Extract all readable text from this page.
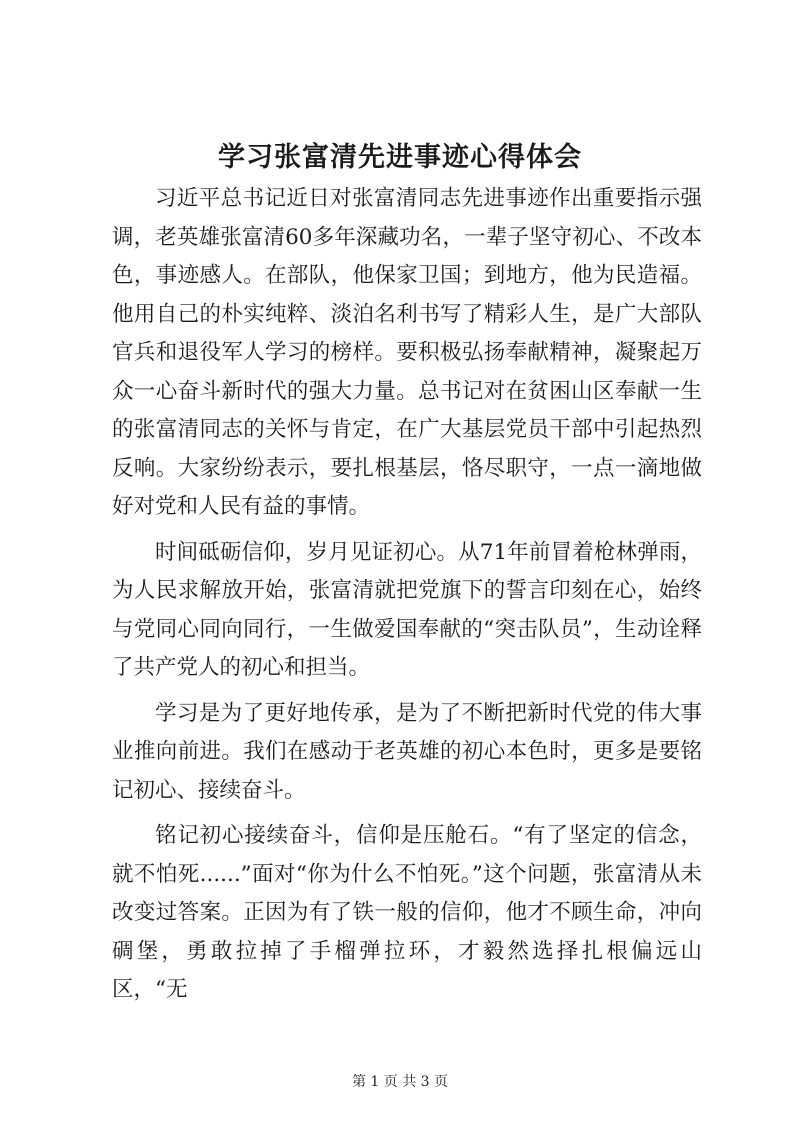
学习张富清先进事迹心得体会

习近平总书记近日对张富清同志先进事迹作出重要指示强调，老英雄张富清60多年深藏功名，一辈子坚守初心、不改本色，事迹感人。在部队，他保家卫国；到地方，他为民造福。他用自己的朴实纯粹、淡泊名利书写了精彩人生，是广大部队官兵和退役军人学习的榜样。要积极弘扬奉献精神，凝聚起万众一心奋斗新时代的强大力量。总书记对在贫困山区奉献一生的张富清同志的关怀与肯定，在广大基层党员干部中引起热烈反响。大家纷纷表示，要扎根基层，恪尽职守，一点一滴地做好对党和人民有益的事情。

时间砥砺信仰，岁月见证初心。从71年前冒着枪林弹雨，为人民求解放开始，张富清就把党旗下的誓言印刻在心，始终与党同心同向同行，一生做爱国奉献的“突击队员”，生动诠释了共产党人的初心和担当。

学习是为了更好地传承，是为了不断把新时代党的伟大事业推向前进。我们在感动于老英雄的初心本色时，更多是要铭记初心、接续奋斗。

铭记初心接续奋斗，信仰是压舱石。“有了坚定的信念，就不怕死......”面对“你为什么不怕死。”这个问题，张富清从未改变过答案。正因为有了铁一般的信仰，他才不顾生命，冲向碉堡，勇敢拉掉了手榴弹拉环，才毅然选择扎根偏远山区，“无

第 1 页 共 3 页
